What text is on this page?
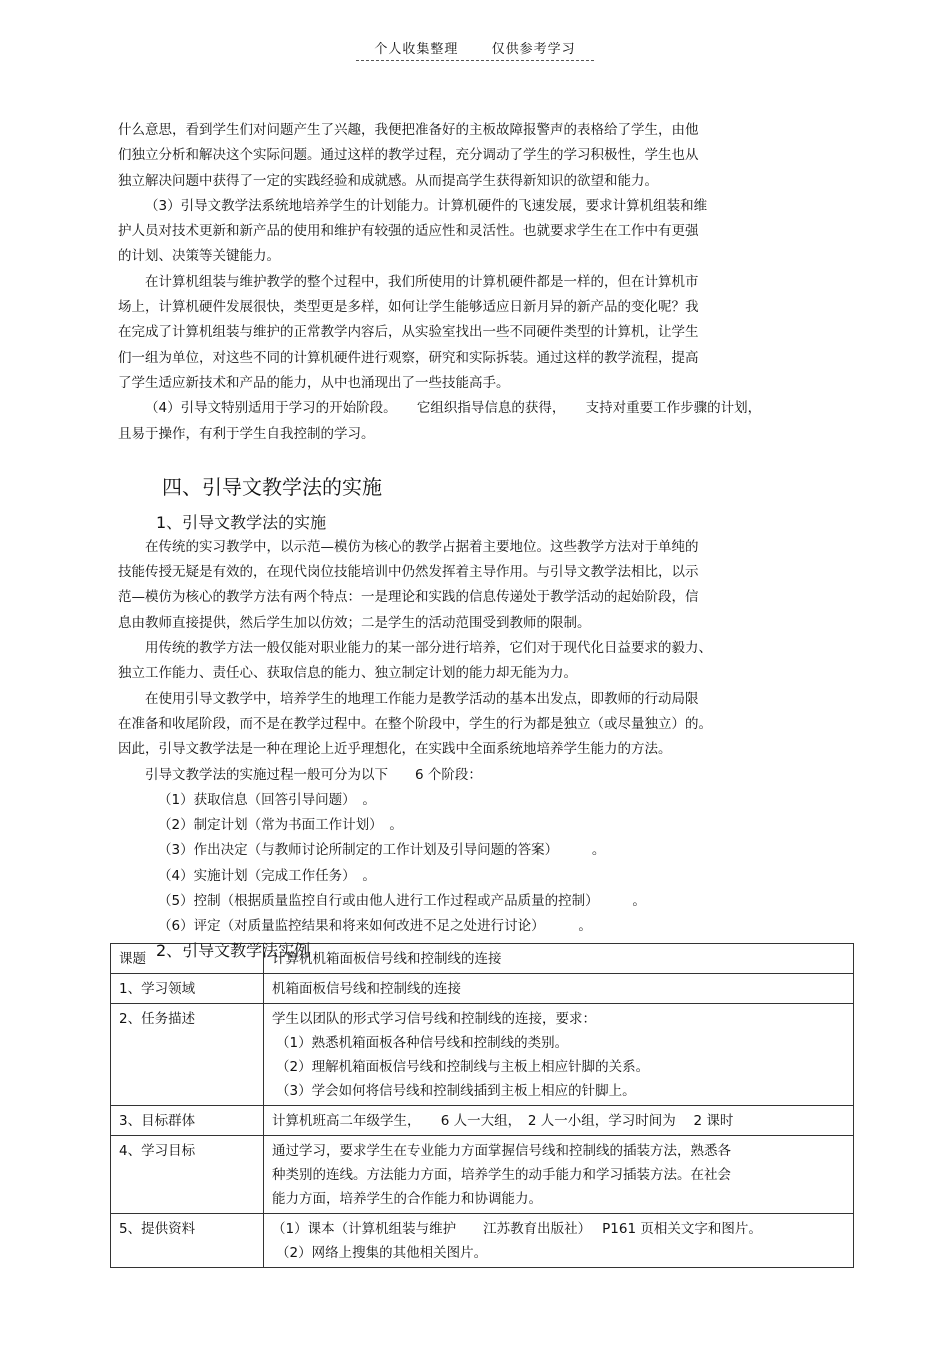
个人收集整理	仅供参考学习
什么意思，看到学生们对问题产生了兴趣，我便把准备好的主板故障报警声的表格给了学生，由他
们独立分析和解决这个实际问题。通过这样的教学过程，充分调动了学生的学习积极性，学生也从
独立解决问题中获得了一定的实践经验和成就感。从而提高学生获得新知识的欲望和能力。
（3）引导文教学法系统地培养学生的计划能力。计算机硬件的飞速发展，要求计算机组装和维
护人员对技术更新和新产品的使用和维护有较强的适应性和灵活性。也就要求学生在工作中有更强
的计划、决策等关键能力。
在计算机组装与维护教学的整个过程中，我们所使用的计算机硬件都是一样的，但在计算机市
场上，计算机硬件发展很快，类型更是多样，如何让学生能够适应日新月异的新产品的变化呢？我
在完成了计算机组装与维护的正常教学内容后，从实验室找出一些不同硬件类型的计算机，让学生
们一组为单位，对这些不同的计算机硬件进行观察，研究和实际拆装。通过这样的教学流程，提高
了学生适应新技术和产品的能力，从中也涌现出了一些技能高手。
（4）引导文特别适用于学习的开始阶段。　　它组织指导信息的获得，　　支持对重要工作步骤的计划，
且易于操作，有利于学生自我控制的学习。
四、引导文教学法的实施
1、引导文教学法的实施
在传统的实习教学中，以示范—模仿为核心的教学占据着主要地位。这些教学方法对于单纯的
技能传授无疑是有效的，在现代岗位技能培训中仍然发挥着主导作用。与引导文教学法相比，以示
范—模仿为核心的教学方法有两个特点：一是理论和实践的信息传递处于教学活动的起始阶段，信
息由教师直接提供，然后学生加以仿效；二是学生的活动范围受到教师的限制。
用传统的教学方法一般仅能对职业能力的某一部分进行培养，它们对于现代化日益要求的毅力、
独立工作能力、责任心、获取信息的能力、独立制定计划的能力却无能为力。
在使用引导文教学中，培养学生的地理工作能力是教学活动的基本出发点，即教师的行动局限
在准备和收尾阶段，而不是在教学过程中。在整个阶段中，学生的行为都是独立（或尽量独立）的。
因此，引导文教学法是一种在理论上近乎理想化，在实践中全面系统地培养学生能力的方法。
引导文教学法的实施过程一般可分为以下　　6 个阶段：
（1）获取信息（回答引导问题）　。
（2）制定计划（常为书面工作计划）　。
（3）作出决定（与教师讨论所制定的工作计划及引导问题的答案）　　　。
（4）实施计划（完成工作任务）　。
（5）控制（根据质量监控自行或由他人进行工作过程或产品质量的控制）　　　。
（6）评定（对质量监控结果和将来如何改进不足之处进行讨论）　　　。
2、引导文教学法实例
课题	计算机机箱面板信号线和控制线的连接

1、学习领域	机箱面板信号线和控制线的连接

2、任务描述	学生以团队的形式学习信号线和控制线的连接，要求：
（1）熟悉机箱面板各种信号线和控制线的类别。
（2）理解机箱面板信号线和控制线与主板上相应针脚的关系。
（3）学会如何将信号线和控制线插到主板上相应的针脚上。

3、目标群体	计算机班高二年级学生，　　6 人一大组，　2 人一小组，学习时间为　 2 课时

4、学习目标	通过学习，要求学生在专业能力方面掌握信号线和控制线的插装方法，熟悉各
种类别的连线。方法能力方面，培养学生的动手能力和学习插装方法。在社会
能力方面，培养学生的合作能力和协调能力。

5、提供资料	（1）课本（计算机组装与维护　　江苏教育出版社）　 P161 页相关文字和图片。
（2）网络上搜集的其他相关图片。
